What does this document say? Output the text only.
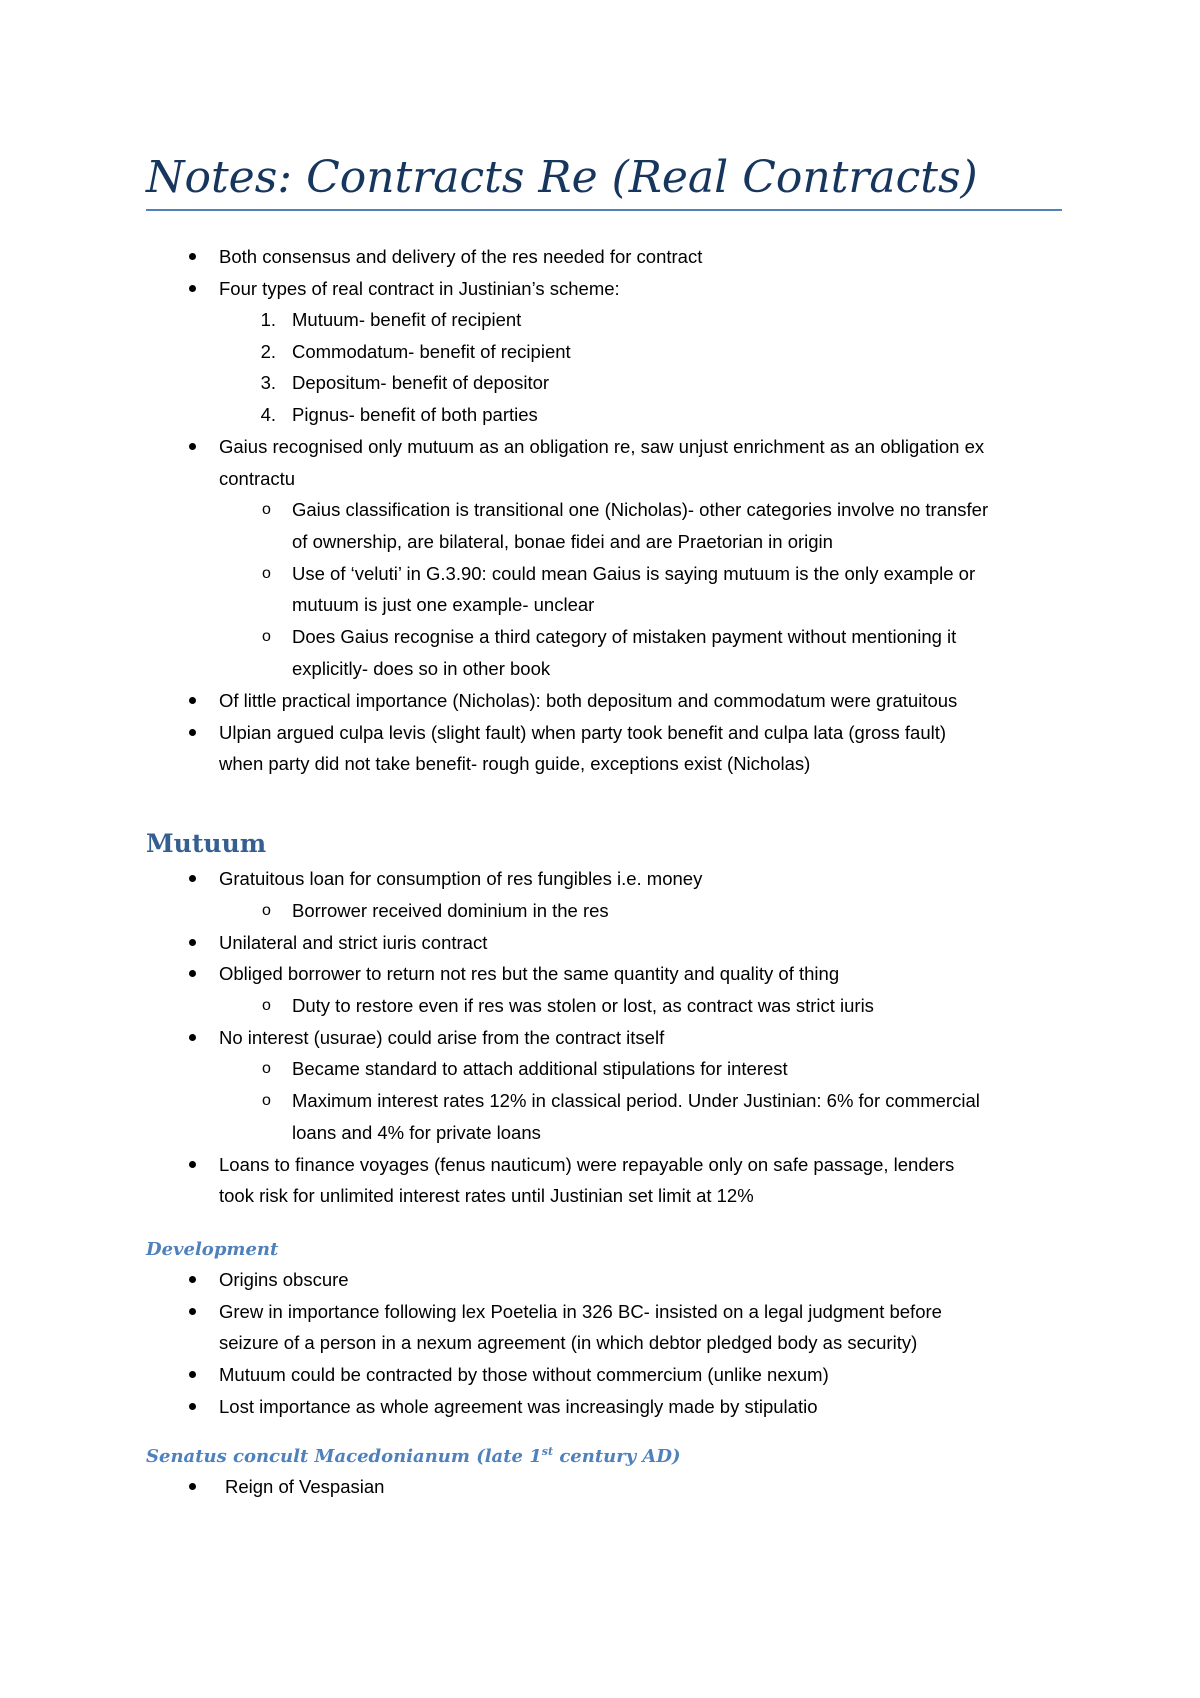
Notes: Contracts Re (Real Contracts)
Both consensus and delivery of the res needed for contract
Four types of real contract in Justinian’s scheme:
1. Mutuum- benefit of recipient
2. Commodatum- benefit of recipient
3. Depositum- benefit of depositor
4. Pignus- benefit of both parties
Gaius recognised only mutuum as an obligation re, saw unjust enrichment as an obligation ex
contractu
o Gaius classification is transitional one (Nicholas)- other categories involve no transfer
of ownership, are bilateral, bonae fidei and are Praetorian in origin
o Use of ‘veluti’ in G.3.90: could mean Gaius is saying mutuum is the only example or
mutuum is just one example- unclear
o Does Gaius recognise a third category of mistaken payment without mentioning it
explicitly- does so in other book
Of little practical importance (Nicholas): both depositum and commodatum were gratuitous
Ulpian argued culpa levis (slight fault) when party took benefit and culpa lata (gross fault)
when party did not take benefit- rough guide, exceptions exist (Nicholas)
Mutuum
Gratuitous loan for consumption of res fungibles i.e. money
o Borrower received dominium in the res
Unilateral and strict iuris contract
Obliged borrower to return not res but the same quantity and quality of thing
o Duty to restore even if res was stolen or lost, as contract was strict iuris
No interest (usurae) could arise from the contract itself
o Became standard to attach additional stipulations for interest
o Maximum interest rates 12% in classical period. Under Justinian: 6% for commercial
loans and 4% for private loans
Loans to finance voyages (fenus nauticum) were repayable only on safe passage, lenders
took risk for unlimited interest rates until Justinian set limit at 12%
Development
Origins obscure
Grew in importance following lex Poetelia in 326 BC- insisted on a legal judgment before
seizure of a person in a nexum agreement (in which debtor pledged body as security)
Mutuum could be contracted by those without commercium (unlike nexum)
Lost importance as whole agreement was increasingly made by stipulatio
Senatus concult Macedonianum (late 1st century AD)
Reign of Vespasian
